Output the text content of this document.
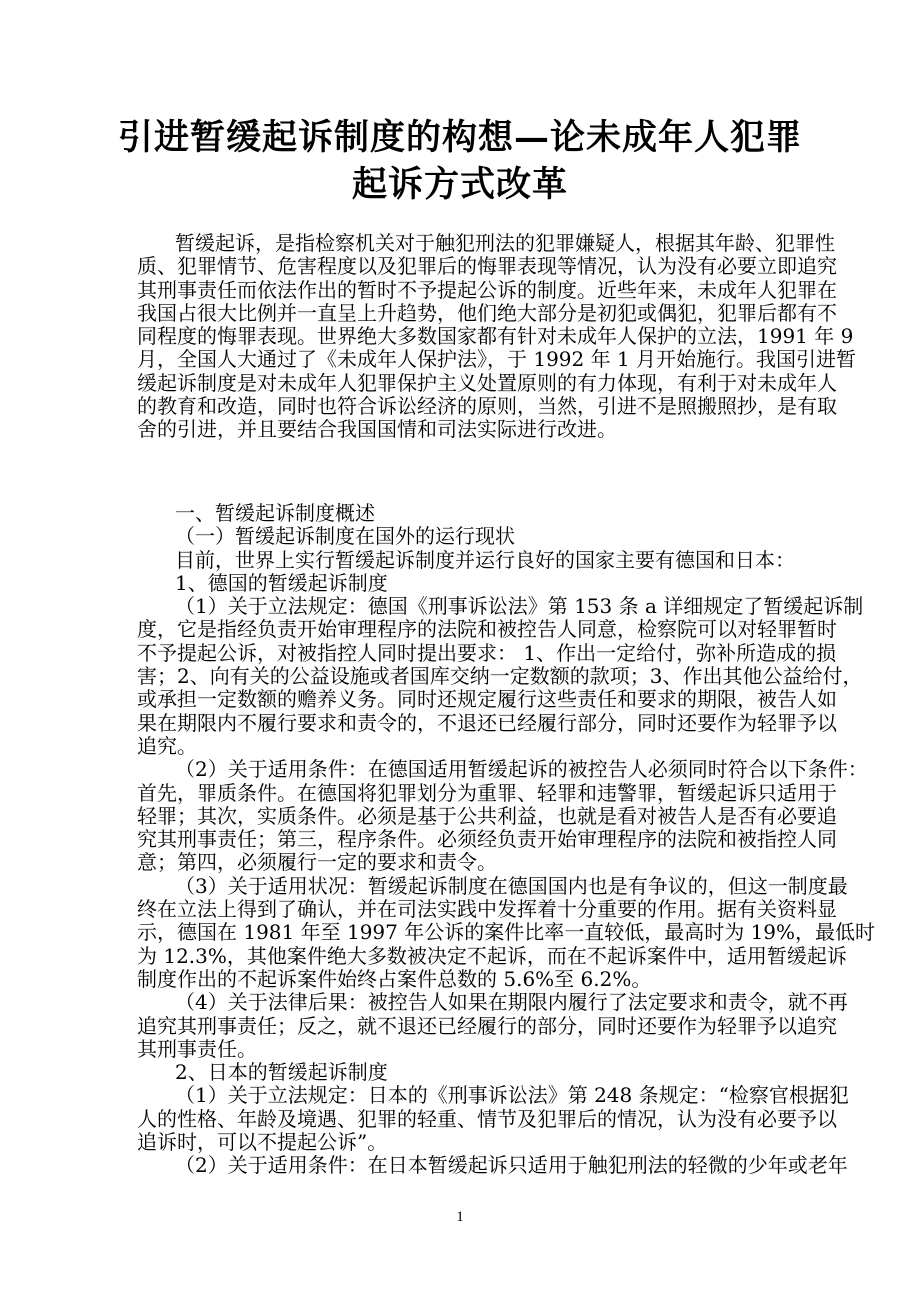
引进暂缓起诉制度的构想—论未成年人犯罪
起诉方式改革
暂缓起诉，是指检察机关对于触犯刑法的犯罪嫌疑人，根据其年龄、犯罪性
质、犯罪情节、危害程度以及犯罪后的悔罪表现等情况，认为没有必要立即追究
其刑事责任而依法作出的暂时不予提起公诉的制度。近些年来，未成年人犯罪在
我国占很大比例并一直呈上升趋势，他们绝大部分是初犯或偶犯，犯罪后都有不
同程度的悔罪表现。世界绝大多数国家都有针对未成年人保护的立法，1991 年 9
月，全国人大通过了《未成年人保护法》，于 1992 年 1 月开始施行。我国引进暂
缓起诉制度是对未成年人犯罪保护主义处置原则的有力体现，有利于对未成年人
的教育和改造，同时也符合诉讼经济的原则，当然，引进不是照搬照抄，是有取
舍的引进，并且要结合我国国情和司法实际进行改进。
一、暂缓起诉制度概述
（一）暂缓起诉制度在国外的运行现状
目前，世界上实行暂缓起诉制度并运行良好的国家主要有德国和日本：
1、德国的暂缓起诉制度
（1）关于立法规定：德国《刑事诉讼法》第 153 条 a 详细规定了暂缓起诉制
度，它是指经负责开始审理程序的法院和被控告人同意，检察院可以对轻罪暂时
不予提起公诉，对被指控人同时提出要求： 1、作出一定给付，弥补所造成的损
害；2、向有关的公益设施或者国库交纳一定数额的款项；3、作出其他公益给付，
或承担一定数额的赡养义务。同时还规定履行这些责任和要求的期限，被告人如
果在期限内不履行要求和责令的，不退还已经履行部分，同时还要作为轻罪予以
追究。
（2）关于适用条件：在德国适用暂缓起诉的被控告人必须同时符合以下条件：
首先，罪质条件。在德国将犯罪划分为重罪、轻罪和违警罪，暂缓起诉只适用于
轻罪；其次，实质条件。必须是基于公共利益，也就是看对被告人是否有必要追
究其刑事责任；第三，程序条件。必须经负责开始审理程序的法院和被指控人同
意；第四，必须履行一定的要求和责令。
（3）关于适用状况：暂缓起诉制度在德国国内也是有争议的，但这一制度最
终在立法上得到了确认，并在司法实践中发挥着十分重要的作用。据有关资料显
示，德国在 1981 年至 1997 年公诉的案件比率一直较低，最高时为 19%，最低时
为 12.3%，其他案件绝大多数被决定不起诉，而在不起诉案件中，适用暂缓起诉
制度作出的不起诉案件始终占案件总数的 5.6%至 6.2%。
（4）关于法律后果：被控告人如果在期限内履行了法定要求和责令，就不再
追究其刑事责任；反之，就不退还已经履行的部分，同时还要作为轻罪予以追究
其刑事责任。
2、日本的暂缓起诉制度
（1）关于立法规定：日本的《刑事诉讼法》第 248 条规定：“检察官根据犯
人的性格、年龄及境遇、犯罪的轻重、情节及犯罪后的情况，认为没有必要予以
追诉时，可以不提起公诉”。
（2）关于适用条件：在日本暂缓起诉只适用于触犯刑法的轻微的少年或老年
1
